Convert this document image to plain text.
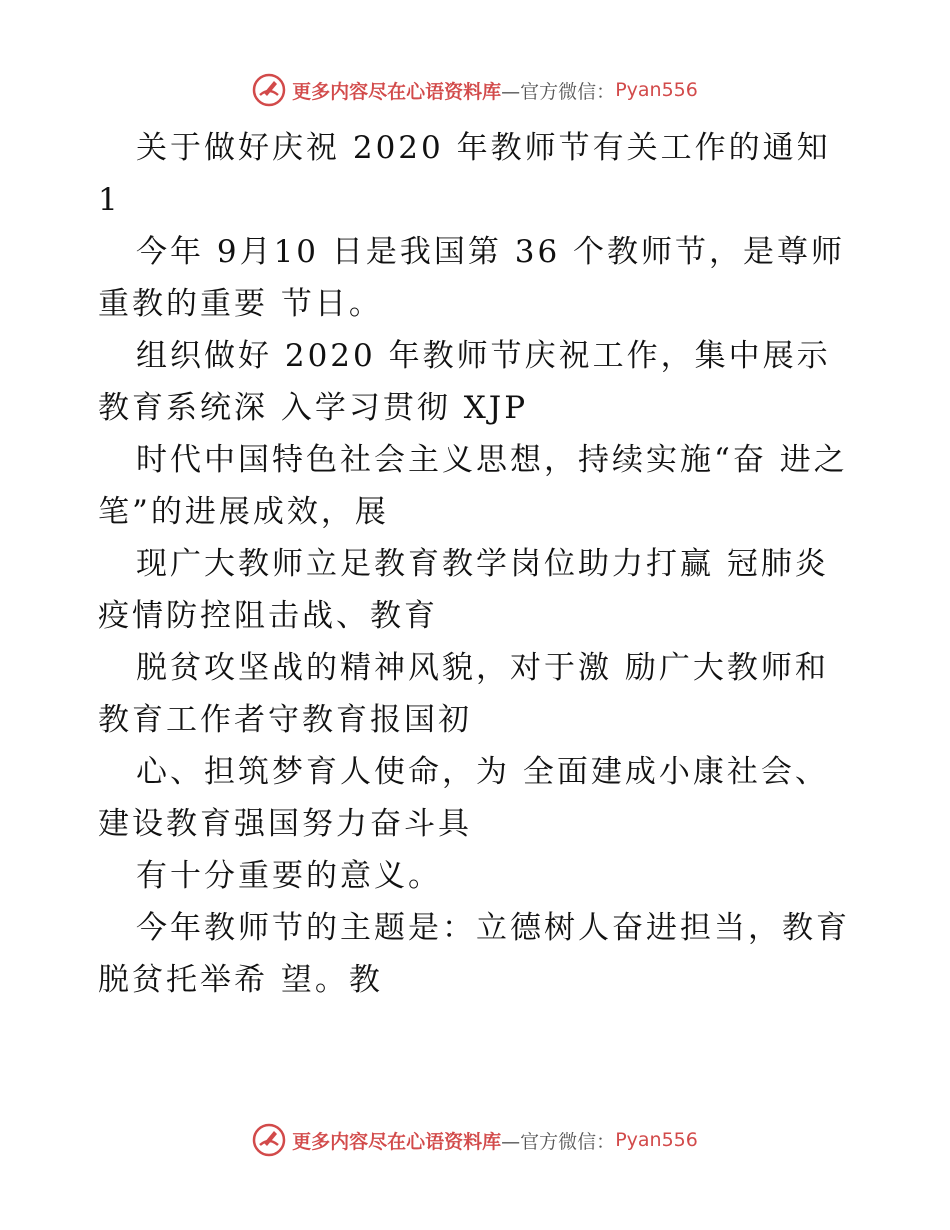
更多内容尽在心语资料库 —官方微信： Pyan556

关于做好庆祝 2020 年教师节有关工作的通知 1

今年 9月10 日是我国第 36 个教师节，是尊师重教的重要 节日。

组织做好 2020 年教师节庆祝工作，集中展示教育系统深 入学习贯彻 XJP

时代中国特色社会主义思想，持续实施“奋 进之笔”的进展成效，展

现广大教师立足教育教学岗位助力打赢 冠肺炎疫情防控阻击战、教育

脱贫攻坚战的精神风貌，对于激 励广大教师和教育工作者守教育报国初

心、担筑梦育人使命，为 全面建成小康社会、建设教育强国努力奋斗具

有十分重要的意义。

今年教师节的主题是：立德树人奋进担当，教育脱贫托举希 望。教

更多内容尽在心语资料库 —官方微信： Pyan556
